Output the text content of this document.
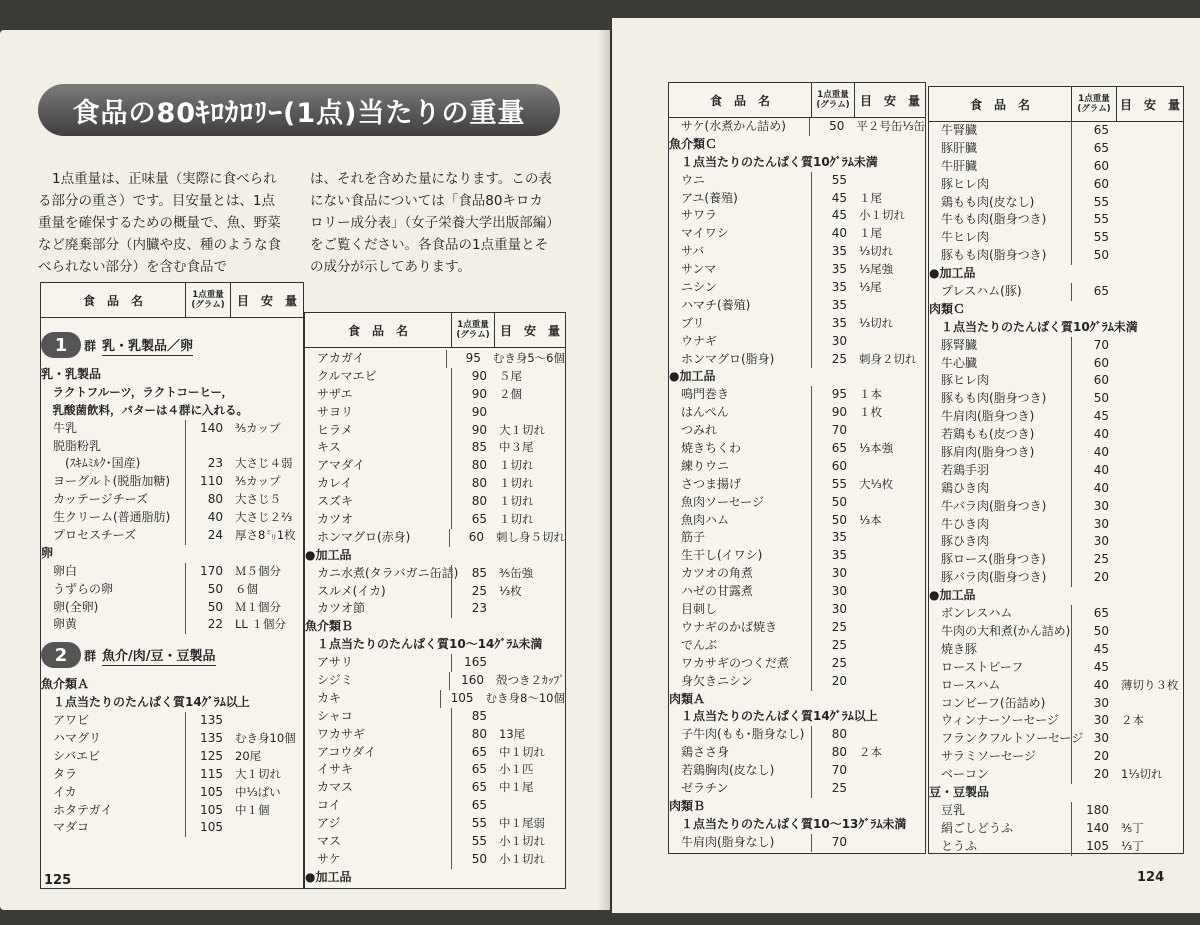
食品の80ｷﾛｶﾛﾘｰ(1点)当たりの重量
1点重量は、正味量（実際に食べられる部分の重さ）です。目安量とは、1点重量を確保するための概量で、魚、野菜など廃棄部分（内臓や皮、種のような食べられない部分）を含む食品で
は、それを含めた量になります。この表にない食品については「食品80キロカロリー成分表」（女子栄養大学出版部編）をご覧ください。各食品の1点重量とその成分が示してあります。
食　品　名	1点重量
(グラム)	目　安　量
1	群 乳・乳製品／卵
乳・乳製品
　ラクトフルーツ，ラクトコーヒー，
　乳酸菌飲料，バターは４群に入れる。
　牛乳	140	⅗カップ
　脱脂粉乳
　　(ｽｷﾑﾐﾙｸ･国産)	23	大さじ４弱
　ヨーグルト(脱脂加糖)	110	⅗カップ
　カッテージチーズ	80	大さじ５
　生クリーム(普通脂肪)	40	大さじ２⅔
　プロセスチーズ	24	厚さ8㍉1枚
卵
　卵白	170	Ｍ５個分
　うずらの卵	50	６個
　卵(全卵)	50	Ｍ１個分
　卵黄	22	LL １個分
2	群 魚介/肉/豆・豆製品
魚介類Ａ
　１点当たりのたんぱく質14ｸﾞﾗﾑ以上
　アワビ	135
　ハマグリ	135	むき身10個
　シバエビ	125	20尾
　タラ	115	大１切れ
　イカ	105	中⅓ぱい
　ホタテガイ	105	中１個
　マダコ	105
食　品　名	1点重量
(グラム) 目　安　量
　アカガイ	95	むき身5～6個
　クルマエビ	90	５尾
　サザエ	90	２個
　サヨリ	90
　ヒラメ	90	大１切れ
　キス	85	中３尾
　アマダイ	80	１切れ
　カレイ	80	１切れ
　スズキ	80	１切れ
　カツオ	65	１切れ
　ホンマグロ(赤身)	60	刺し身５切れ
●加工品
　カニ水煮(タラバガニ缶詰)	85	⅗缶強
　スルメ(イカ)	25	⅓枚
　カツオ節	23
魚介類Ｂ
　１点当たりのたんぱく質10～14ｸﾞﾗﾑ未満
　アサリ	165
　シジミ	160	殻つき２ｶｯﾌﾟ
　カキ	105	むき身8～10個
　シャコ	85
　ワカサギ	80	13尾
　アコウダイ	65	中１切れ
　イサキ	65	小１匹
　カマス	65	中１尾
　コイ	65
　アジ	55	中１尾弱
　マス	55	小１切れ
　サケ	50	小１切れ
●加工品
125
食　品　名	1点重量
(グラム) 目　安　量
　サケ(水煮かん詰め)	50	平２号缶⅓缶
魚介類Ｃ
　１点当たりのたんぱく質10ｸﾞﾗﾑ未満
　ウニ	55
　アユ(養殖)	45	１尾
　サワラ	45	小１切れ
　マイワシ	40	１尾
　サバ	35	⅓切れ
　サンマ	35	⅓尾強
　ニシン	35	⅓尾
　ハマチ(養殖)	35
　ブリ	35	⅓切れ
　ウナギ	30
　ホンマグロ(脂身)	25	刺身２切れ
●加工品
　鳴門巻き	95	１本
　はんぺん	90	１枚
　つみれ	70
　焼きちくわ	65	⅓本強
　練りウニ	60
　さつま揚げ	55	大⅓枚
　魚肉ソーセージ	50
　魚肉ハム	50	⅓本
　筋子	35
　生干し(イワシ)	35
　カツオの角煮	30
　ハゼの甘露煮	30
　目刺し	30
　ウナギのかば焼き	25
　でんぶ	25
　ワカサギのつくだ煮	25
　身欠きニシン	20
肉類Ａ
　１点当たりのたんぱく質14ｸﾞﾗﾑ以上
　子牛肉(もも･脂身なし)	80
　鶏ささ身	80	２本
　若鶏胸肉(皮なし)	70
　ゼラチン	25
肉類Ｂ
　１点当たりのたんぱく質10～13ｸﾞﾗﾑ未満
　牛肩肉(脂身なし)	70
食　品　名	1点重量
(グラム) 目　安　量
　牛腎臓	65
　豚肝臓	65
　牛肝臓	60
　豚ヒレ肉	60
　鶏もも肉(皮なし)	55
　牛もも肉(脂身つき)	55
　牛ヒレ肉	55
　豚もも肉(脂身つき)	50
●加工品
　プレスハム(豚)	65
肉類Ｃ
　１点当たりのたんぱく質10ｸﾞﾗﾑ未満
　豚腎臓	70
　牛心臓	60
　豚ヒレ肉	60
　豚もも肉(脂身つき)	50
　牛肩肉(脂身つき)	45
　若鶏もも(皮つき)	40
　豚肩肉(脂身つき)	40
　若鶏手羽	40
　鶏ひき肉	40
　牛バラ肉(脂身つき)	30
　牛ひき肉	30
　豚ひき肉	30
　豚ロース(脂身つき)	25
　豚バラ肉(脂身つき)	20
●加工品
　ボンレスハム	65
　牛肉の大和煮(かん詰め)	50
　焼き豚	45
　ローストビーフ	45
　ロースハム	40	薄切り３枚
　コンビーフ(缶詰め)	30
　ウィンナーソーセージ	30	２本
　フランクフルトソーセージ 30
　サラミソーセージ	20
　ベーコン	20	1⅓切れ
豆・豆製品
　豆乳	180
　絹ごしどうふ	140	⅗丁
　とうふ	105	⅓丁
124
